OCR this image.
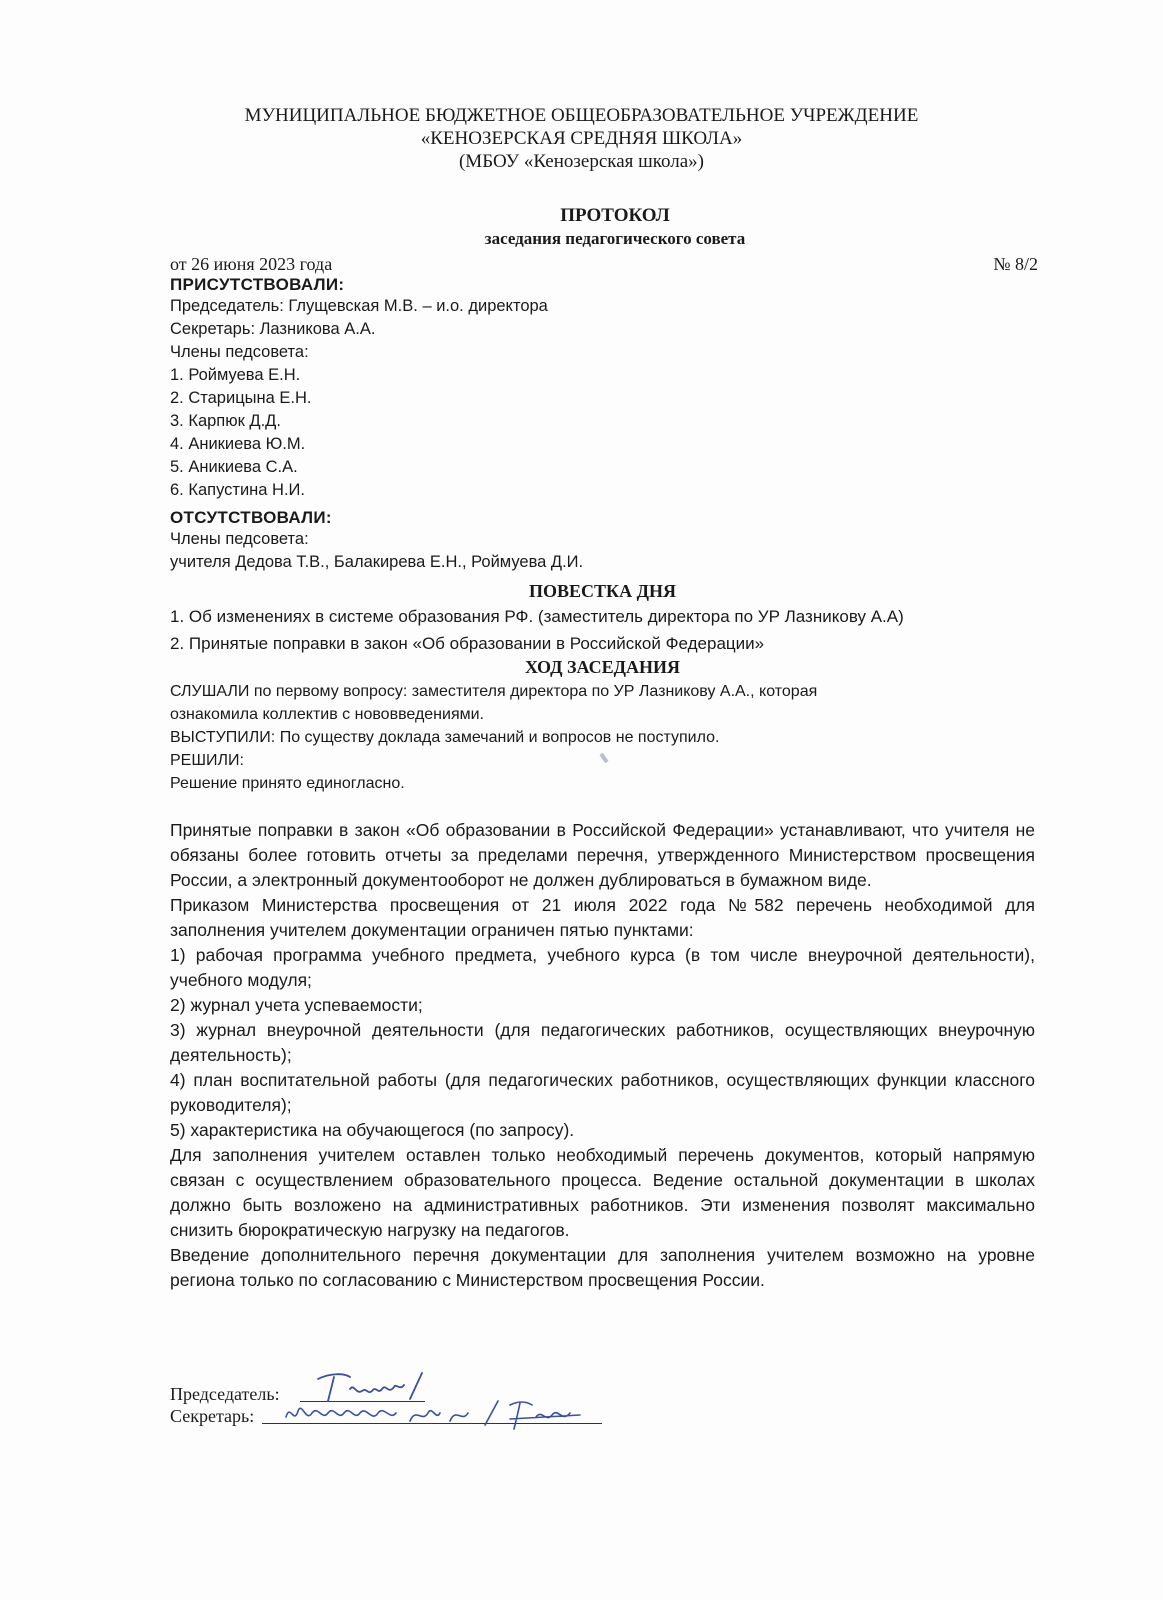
МУНИЦИПАЛЬНОЕ БЮДЖЕТНОЕ ОБЩЕОБРАЗОВАТЕЛЬНОЕ УЧРЕЖДЕНИЕ
«КЕНОЗЕРСКАЯ СРЕДНЯЯ ШКОЛА»
(МБОУ «Кенозерская школа»)
ПРОТОКОЛ
заседания педагогического совета
от 26 июня 2023 года	№ 8/2
ПРИСУТСТВОВАЛИ:
Председатель: Глущевская М.В. – и.о. директора
Секретарь: Лазникова А.А.
Члены педсовета:
1. Роймуева Е.Н.
2. Старицына Е.Н.
3. Карпюк Д.Д.
4. Аникиева Ю.М.
5. Аникиева С.А.
6. Капустина Н.И.
ОТСУТСТВОВАЛИ:
Члены педсовета:
учителя Дедова Т.В., Балакирева Е.Н., Роймуева Д.И.
ПОВЕСТКА ДНЯ
1. Об изменениях в системе образования РФ. (заместитель директора по УР Лазникову А.А)
2. Принятые поправки в закон «Об образовании в Российской Федерации»
ХОД ЗАСЕДАНИЯ
СЛУШАЛИ по первому вопросу: заместителя директора по УР Лазникову А.А., которая
ознакомила коллектив с нововведениями.
ВЫСТУПИЛИ: По существу доклада замечаний и вопросов не поступило.
РЕШИЛИ:
Решение принято единогласно.

Принятые поправки в закон «Об образовании в Российской Федерации» устанавливают, что учителя не обязаны более готовить отчеты за пределами перечня, утвержденного Министерством просвещения России, а электронный документооборот не должен дублироваться в бумажном виде.

Приказом Министерства просвещения от 21 июля 2022 года №582 перечень необходимой для заполнения учителем документации ограничен пятью пунктами:

1) рабочая программа учебного предмета, учебного курса (в том числе внеурочной деятельности), учебного модуля;

2) журнал учета успеваемости;

3) журнал внеурочной деятельности (для педагогических работников, осуществляющих внеурочную деятельность);

4) план воспитательной работы (для педагогических работников, осуществляющих функции классного руководителя);

5) характеристика на обучающегося (по запросу).

Для заполнения учителем оставлен только необходимый перечень документов, который напрямую связан с осуществлением образовательного процесса. Ведение остальной документации в школах должно быть возложено на административных работников. Эти изменения позволят максимально снизить бюрократическую нагрузку на педагогов.

Введение дополнительного перечня документации для заполнения учителем возможно на уровне региона только по согласованию с Министерством просвещения России.

Председатель:
Секретарь:
